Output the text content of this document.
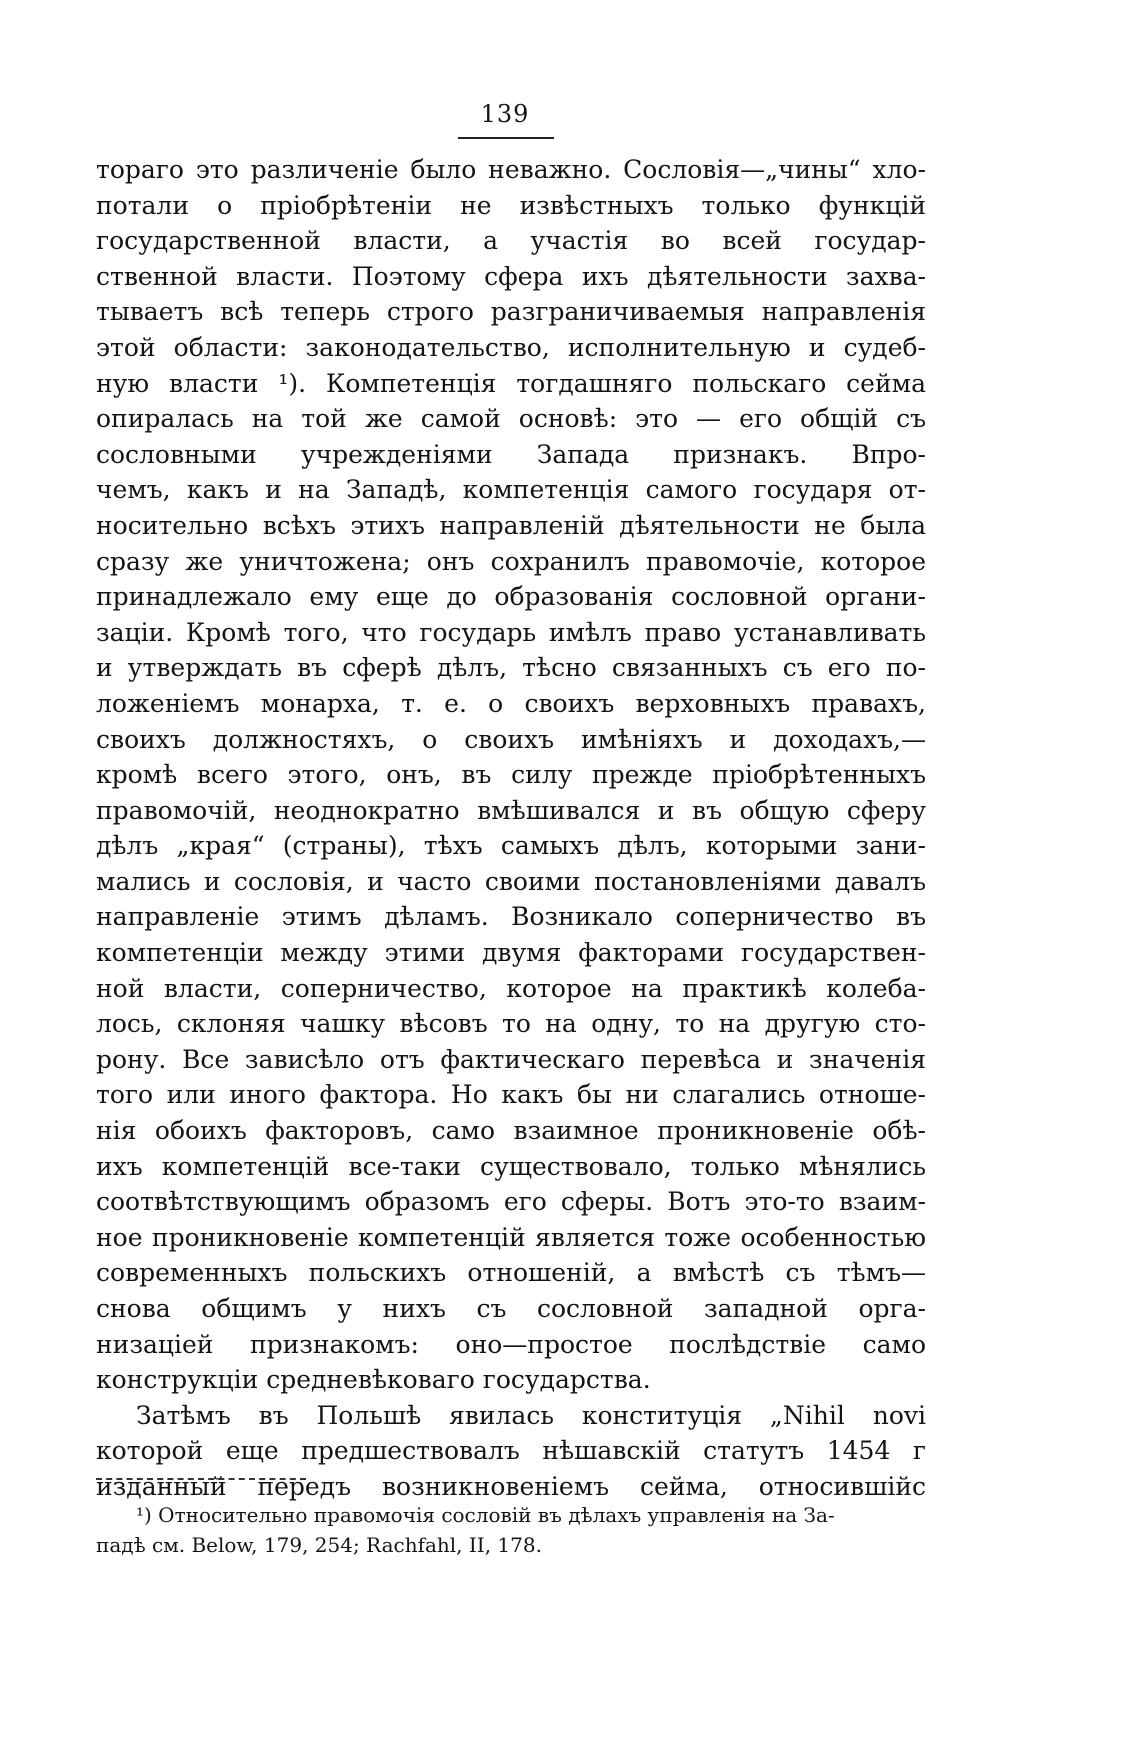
139
тораго это различенiе было неважно. Сословiя—„чины“ хло-
потали о прiобрѣтенiи не извѣстныхъ только функцiй
государственной власти, а участiя во всей государ-
ственной власти. Поэтому сфера ихъ дѣятельности захва-
тываетъ всѣ теперь строго разграничиваемыя направленiя
этой области: законодательство, исполнительную и судеб-
ную власти ¹). Компетенцiя тогдашняго польскаго сейма
опиралась на той же самой основѣ: это — его общiй съ
сословными учрежденiями Запада признакъ. Впро-
чемъ, какъ и на Западѣ, компетенцiя самого государя от-
носительно всѣхъ этихъ направленiй дѣятельности не была
сразу же уничтожена; онъ сохранилъ правомочiе, которое
принадлежало ему еще до образованiя сословной органи-
зацiи. Кромѣ того, что государь имѣлъ право устанавливать
и утверждать въ сферѣ дѣлъ, тѣсно связанныхъ съ его по-
ложенiемъ монарха, т. е. о своихъ верховныхъ правахъ,
своихъ должностяхъ, о своихъ имѣнiяхъ и доходахъ,—
кромѣ всего этого, онъ, въ силу прежде прiобрѣтенныхъ
правомочiй, неоднократно вмѣшивался и въ общую сферу
дѣлъ „края“ (страны), тѣхъ самыхъ дѣлъ, которыми зани-
мались и сословiя, и часто своими постановленiями давалъ
направленiе этимъ дѣламъ. Возникало соперничество въ
компетенцiи между этими двумя факторами государствен-
ной власти, соперничество, которое на практикѣ колеба-
лось, склоняя чашку вѣсовъ то на одну, то на другую сто-
рону. Все зависѣло отъ фактическаго перевѣса и значенiя
того или иного фактора. Но какъ бы ни слагались отноше-
нiя обоихъ факторовъ, само взаимное проникновенiе обѣ-
ихъ компетенцiй все-таки существовало, только мѣнялись
соотвѣтствующимъ образомъ его сферы. Вотъ это-то взаим-
ное проникновенiе компетенцiй является тоже особенностью
современныхъ польскихъ отношенiй, а вмѣстѣ съ тѣмъ—
снова общимъ у нихъ съ сословной западной орга-
низацiей признакомъ: оно—простое послѣдствiе само
конструкцiи средневѣковаго государства.
Затѣмъ въ Польшѣ явилась конституцiя „Nihil novi
которой еще предшествовалъ нѣшавскiй статутъ 1454 г
изданный передъ возникновенiемъ сейма, относившiйс
¹) Относительно правомочiя сословiй въ дѣлахъ управленiя на За-
падѣ см. Below, 179, 254; Rachfahl, II, 178.
